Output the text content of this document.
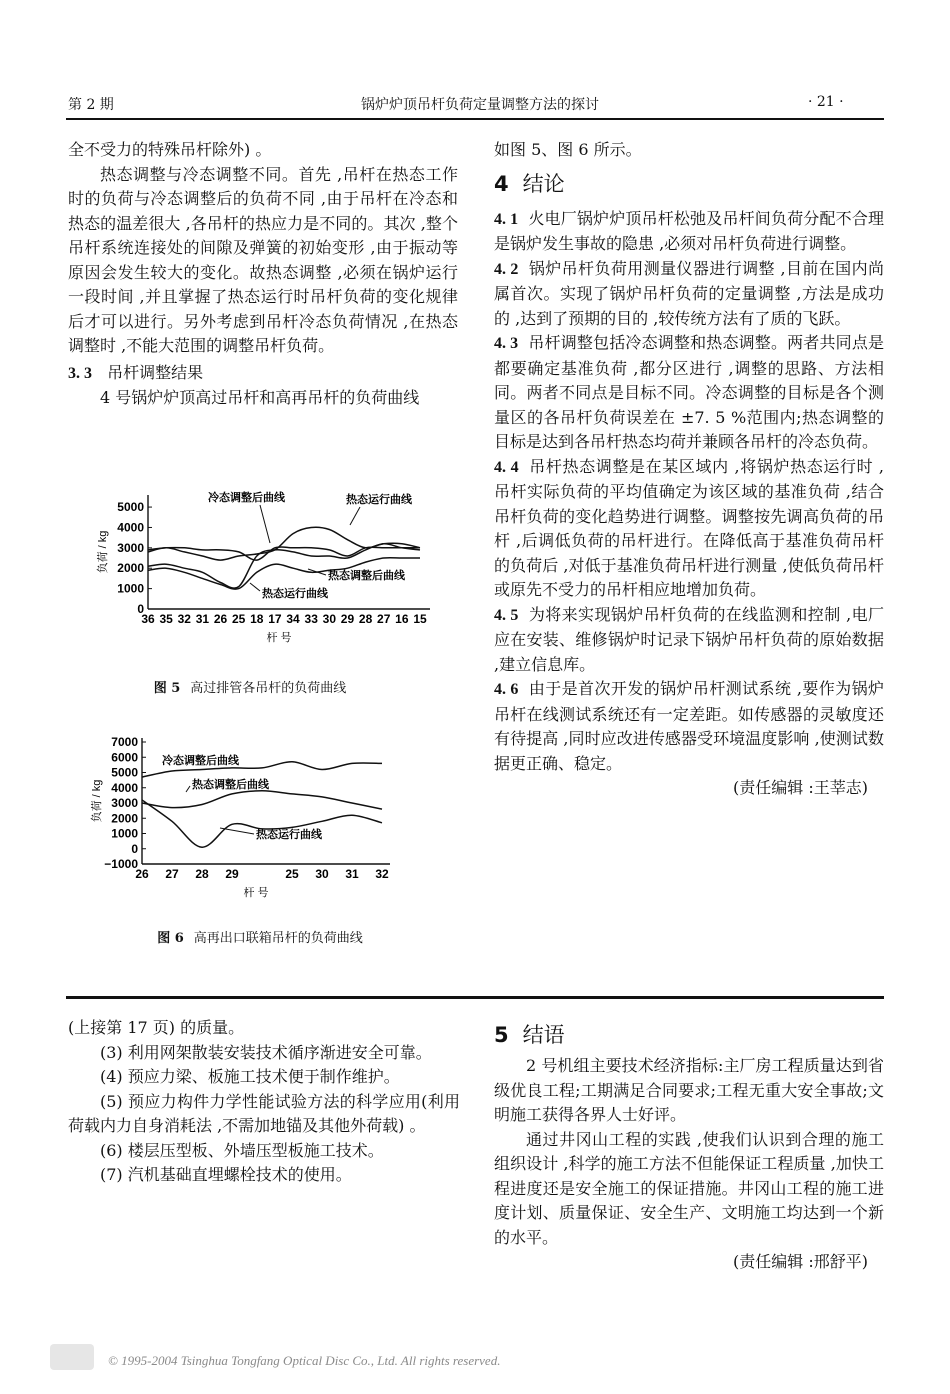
第 2 期	锅炉炉顶吊杆负荷定量调整方法的探讨	· 21 ·

全不受力的特殊吊杆除外) 。

热态调整与冷态调整不同。首先 ,吊杆在热态工作时的负荷与冷态调整后的负荷不同 ,由于吊杆在冷态和热态的温差很大 ,各吊杆的热应力是不同的。其次 ,整个吊杆系统连接处的间隙及弹簧的初始变形 ,由于振动等原因会发生较大的变化。故热态调整 ,必须在锅炉运行一段时间 ,并且掌握了热态运行时吊杆负荷的变化规律后才可以进行。另外考虑到吊杆冷态负荷情况 ,在热态调整时 ,不能大范围的调整吊杆负荷。

3. 3 吊杆调整结果

4 号锅炉炉顶高过吊杆和高再吊杆的负荷曲线

0
1000
2000
3000
4000
5000
36 35 32 31 26 25 18 17 34 33 30 29 28 27 16 15
杆 号
负荷 / kg
冷态调整后曲线	热态运行曲线
热态调整后曲线
热态运行曲线
图 5 高过排管各吊杆的负荷曲线
−1000
0
1000
2000
3000
4000
5000
6000
7000
26 27 28 29	25 30 31 32
杆 号
负荷 / kg
冷态调整后曲线
热态调整后曲线
热态运行曲线
图 6 高再出口联箱吊杆的负荷曲线

如图 5、图 6 所示。

4 结论

4. 1 火电厂锅炉炉顶吊杆松弛及吊杆间负荷分配不合理是锅炉发生事故的隐患 ,必须对吊杆负荷进行调整。

4. 2 锅炉吊杆负荷用测量仪器进行调整 ,目前在国内尚属首次。实现了锅炉吊杆负荷的定量调整 ,方法是成功的 ,达到了预期的目的 ,较传统方法有了质的飞跃。

4. 3 吊杆调整包括冷态调整和热态调整。两者共同点是都要确定基准负荷 ,都分区进行 ,调整的思路、方法相同。两者不同点是目标不同。冷态调整的目标是各个测量区的各吊杆负荷误差在 ±7. 5 %范围内;热态调整的目标是达到各吊杆热态均荷并兼顾各吊杆的冷态负荷。

4. 4 吊杆热态调整是在某区域内 ,将锅炉热态运行时 ,吊杆实际负荷的平均值确定为该区域的基准负荷 ,结合吊杆负荷的变化趋势进行调整。调整按先调高负荷的吊杆 ,后调低负荷的吊杆进行。在降低高于基准负荷吊杆的负荷后 ,对低于基准负荷吊杆进行测量 ,使低负荷吊杆或原先不受力的吊杆相应地增加负荷。

4. 5 为将来实现锅炉吊杆负荷的在线监测和控制 ,电厂应在安装、维修锅炉时记录下锅炉吊杆负荷的原始数据 ,建立信息库。

4. 6 由于是首次开发的锅炉吊杆测试系统 ,要作为锅炉吊杆在线测试系统还有一定差距。如传感器的灵敏度还有待提高 ,同时应改进传感器受环境温度影响 ,使测试数据更正确、稳定。

(责任编辑 :王莘志)

(上接第 17 页) 的质量。

(3) 利用网架散装安装技术循序渐进安全可靠。

(4) 预应力梁、板施工技术便于制作维护。

(5) 预应力构件力学性能试验方法的科学应用(利用荷载内力自身消耗法 ,不需加地锚及其他外荷载) 。

(6) 楼层压型板、外墙压型板施工技术。

(7) 汽机基础直埋螺栓技术的使用。

5 结语

2 号机组主要技术经济指标:主厂房工程质量达到省级优良工程;工期满足合同要求;工程无重大安全事故;文明施工获得各界人士好评。

通过井冈山工程的实践 ,使我们认识到合理的施工组织设计 ,科学的施工方法不但能保证工程质量 ,加快工程进度还是安全施工的保证措施。井冈山工程的施工进度计划、质量保证、安全生产、文明施工均达到一个新的水平。

(责任编辑 :邢舒平)

© 1995-2004 Tsinghua Tongfang Optical Disc Co., Ltd. All rights reserved.
